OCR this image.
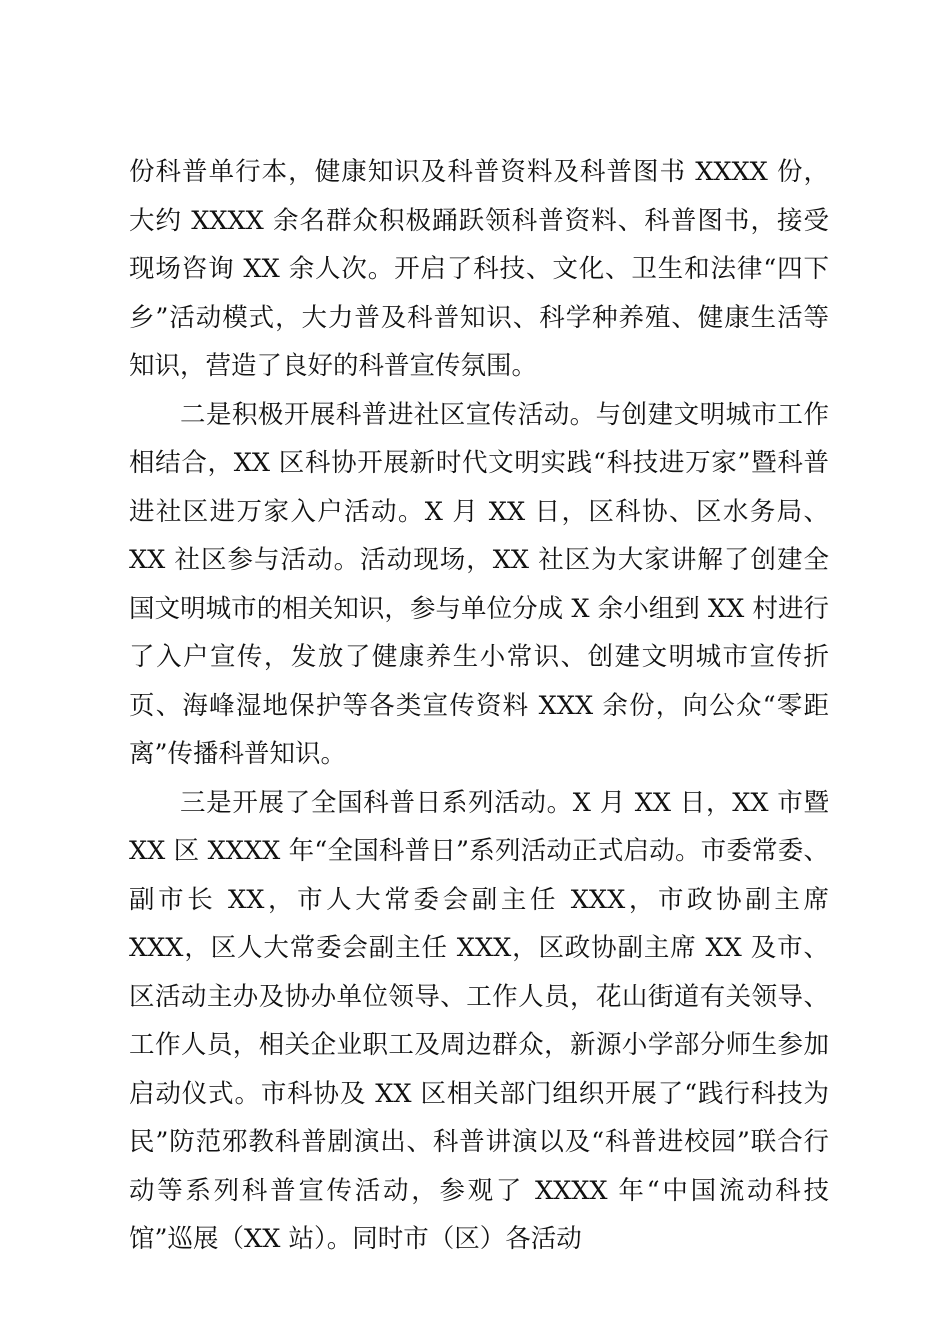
份科普单行本，健康知识及科普资料及科普图书 XXXX 份，大约 XXXX 余名群众积极踊跃领科普资料、科普图书，接受现场咨询 XX 余人次。开启了科技、文化、卫生和法律“四下乡”活动模式，大力普及科普知识、科学种养殖、健康生活等知识，营造了良好的科普宣传氛围。

二是积极开展科普进社区宣传活动。与创建文明城市工作相结合，XX 区科协开展新时代文明实践“科技进万家”暨科普进社区进万家入户活动。X 月 XX 日，区科协、区水务局、XX 社区参与活动。活动现场，XX 社区为大家讲解了创建全国文明城市的相关知识，参与单位分成 X 余小组到 XX 村进行了入户宣传，发放了健康养生小常识、创建文明城市宣传折页、海峰湿地保护等各类宣传资料 XXX 余份，向公众“零距离”传播科普知识。

三是开展了全国科普日系列活动。X 月 XX 日，XX 市暨 XX 区 XXXX 年“全国科普日”系列活动正式启动。市委常委、副市长 XX，市人大常委会副主任 XXX，市政协副主席 XXX，区人大常委会副主任 XXX，区政协副主席 XX 及市、区活动主办及协办单位领导、工作人员，花山街道有关领导、工作人员，相关企业职工及周边群众，新源小学部分师生参加启动仪式。市科协及 XX 区相关部门组织开展了“践行科技为民”防范邪教科普剧演出、科普讲演以及“科普进校园”联合行动等系列科普宣传活动，参观了 XXXX 年“中国流动科技馆”巡展（XX 站）。同时市（区）各活动
